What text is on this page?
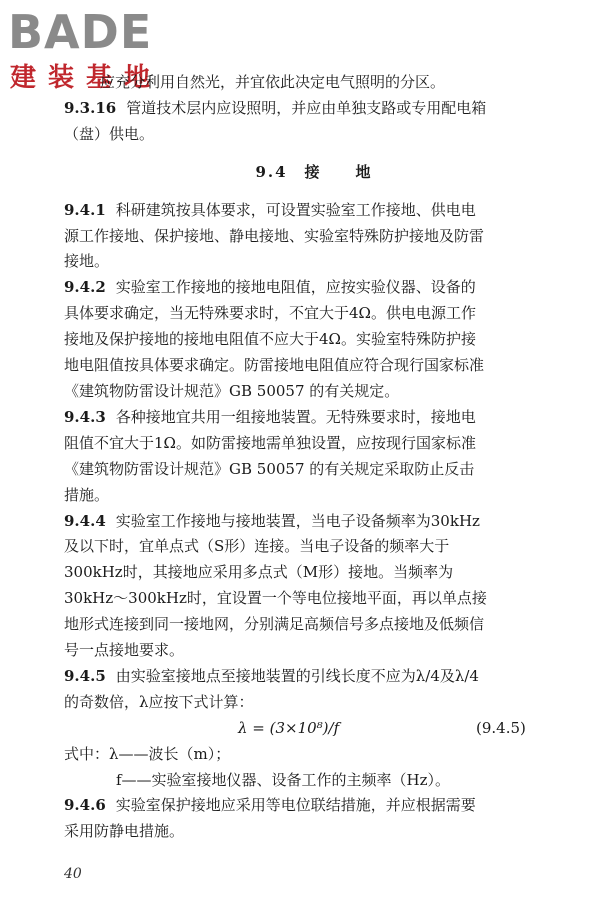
BADE
建装基地
应充分利用自然光，并宜依此决定电气照明的分区。
9.3.16 管道技术层内应设照明，并应由单独支路或专用配电箱
（盘）供电。
9.4　接　　地
9.4.1 科研建筑按具体要求，可设置实验室工作接地、供电电
源工作接地、保护接地、静电接地、实验室特殊防护接地及防雷
接地。
9.4.2 实验室工作接地的接地电阻值，应按实验仪器、设备的
具体要求确定，当无特殊要求时，不宜大于4Ω。供电电源工作
接地及保护接地的接地电阻值不应大于4Ω。实验室特殊防护接
地电阻值按具体要求确定。防雷接地电阻值应符合现行国家标准
《建筑物防雷设计规范》GB 50057 的有关规定。
9.4.3 各种接地宜共用一组接地装置。无特殊要求时，接地电
阻值不宜大于1Ω。如防雷接地需单独设置，应按现行国家标准
《建筑物防雷设计规范》GB 50057 的有关规定采取防止反击
措施。
9.4.4 实验室工作接地与接地装置，当电子设备频率为30kHz
及以下时，宜单点式（S形）连接。当电子设备的频率大于
300kHz时，其接地应采用多点式（M形）接地。当频率为
30kHz～300kHz时，宜设置一个等电位接地平面，再以单点接
地形式连接到同一接地网，分别满足高频信号多点接地及低频信
号一点接地要求。
9.4.5 由实验室接地点至接地装置的引线长度不应为λ/4及λ/4
的奇数倍，λ应按下式计算：
λ = (3×10⁸)/f	(9.4.5)
式中：λ——波长（m）；
f——实验室接地仪器、设备工作的主频率（Hz）。
9.4.6 实验室保护接地应采用等电位联结措施，并应根据需要
采用防静电措施。
40
